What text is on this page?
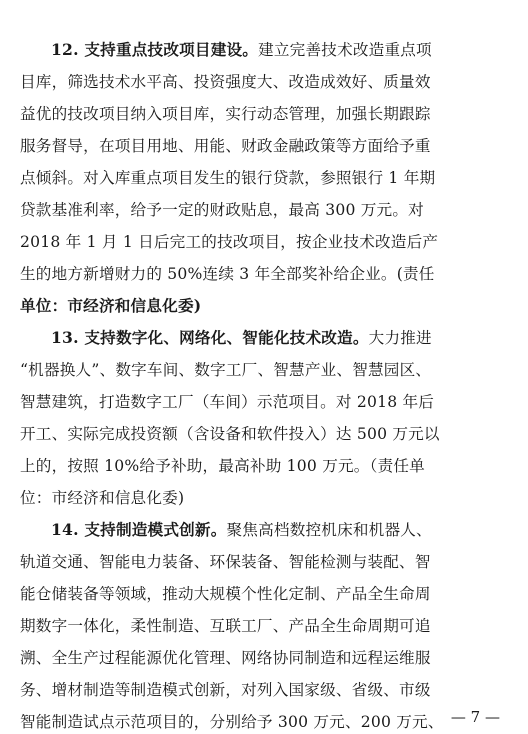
12. 支持重点技改项目建设。建立完善技术改造重点项
目库，筛选技术水平高、投资强度大、改造成效好、质量效
益优的技改项目纳入项目库，实行动态管理，加强长期跟踪
服务督导，在项目用地、用能、财政金融政策等方面给予重
点倾斜。对入库重点项目发生的银行贷款，参照银行 1 年期
贷款基准利率，给予一定的财政贴息，最高 300 万元。对
2018 年 1 月 1 日后完工的技改项目，按企业技术改造后产
生的地方新增财力的 50%连续 3 年全部奖补给企业。(责任
单位：市经济和信息化委)
13. 支持数字化、网络化、智能化技术改造。大力推进
“机器换人”、数字车间、数字工厂、智慧产业、智慧园区、
智慧建筑，打造数字工厂（车间）示范项目。对 2018 年后
开工、实际完成投资额（含设备和软件投入）达 500 万元以
上的，按照 10%给予补助，最高补助 100 万元。（责任单
位：市经济和信息化委)
14. 支持制造模式创新。聚焦高档数控机床和机器人、
轨道交通、智能电力装备、环保装备、智能检测与装配、智
能仓储装备等领域，推动大规模个性化定制、产品全生命周
期数字一体化，柔性制造、互联工厂、产品全生命周期可追
溯、全生产过程能源优化管理、网络协同制造和远程运维服
务、增材制造等制造模式创新，对列入国家级、省级、市级
智能制造试点示范项目的，分别给予 300 万元、200 万元、 — 7 —
